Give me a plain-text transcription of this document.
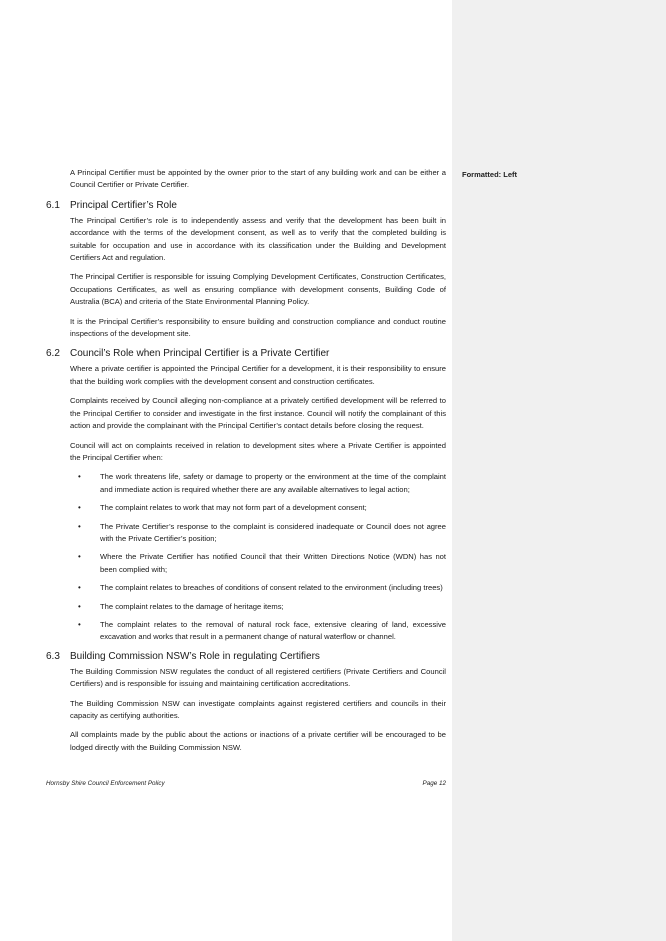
A Principal Certifier must be appointed by the owner prior to the start of any building work and can be either a Council Certifier or Private Certifier.

6.1	Principal Certifier’s Role

The Principal Certifier’s role is to independently assess and verify that the development has been built in accordance with the terms of the development consent, as well as to verify that the completed building is suitable for occupation and use in accordance with its classification under the Building and Development Certifiers Act and regulation.

The Principal Certifier is responsible for issuing Complying Development Certificates, Construction Certificates, Occupations Certificates, as well as ensuring compliance with development consents, Building Code of Australia (BCA) and criteria of the State Environmental Planning Policy.

It is the Principal Certifier’s responsibility to ensure building and construction compliance and conduct routine inspections of the development site.

6.2	Council’s Role when Principal Certifier is a Private Certifier

Where a private certifier is appointed the Principal Certifier for a development, it is their responsibility to ensure that the building work complies with the development consent and construction certificates.

Complaints received by Council alleging non-compliance at a privately certified development will be referred to the Principal Certifier to consider and investigate in the first instance. Council will notify the complainant of this action and provide the complainant with the Principal Certifier’s contact details before closing the request.

Council will act on complaints received in relation to development sites where a Private Certifier is appointed the Principal Certifier when:

•	The work threatens life, safety or damage to property or the environment at the time of the complaint and immediate action is required whether there are any available alternatives to legal action;
•	The complaint relates to work that may not form part of a development consent;
•	The Private Certifier’s response to the complaint is considered inadequate or Council does not agree with the Private Certifier’s position;
•	Where the Private Certifier has notified Council that their Written Directions Notice (WDN) has not been complied with;
•	The complaint relates to breaches of conditions of consent related to the environment (including trees)
•	The complaint relates to the damage of heritage items;
•	The complaint relates to the removal of natural rock face, extensive clearing of land, excessive excavation and works that result in a permanent change of natural waterflow or channel.
6.3	Building Commission NSW’s Role in regulating Certifiers

The Building Commission NSW regulates the conduct of all registered certifiers (Private Certifiers and Council Certifiers) and is responsible for issuing and maintaining certification accreditations.

The Building Commission NSW can investigate complaints against registered certifiers and councils in their capacity as certifying authorities.

All complaints made by the public about the actions or inactions of a private certifier will be encouraged to be lodged directly with the Building Commission NSW.

Hornsby Shire Council Enforcement Policy	Page 12
Formatted: Left
